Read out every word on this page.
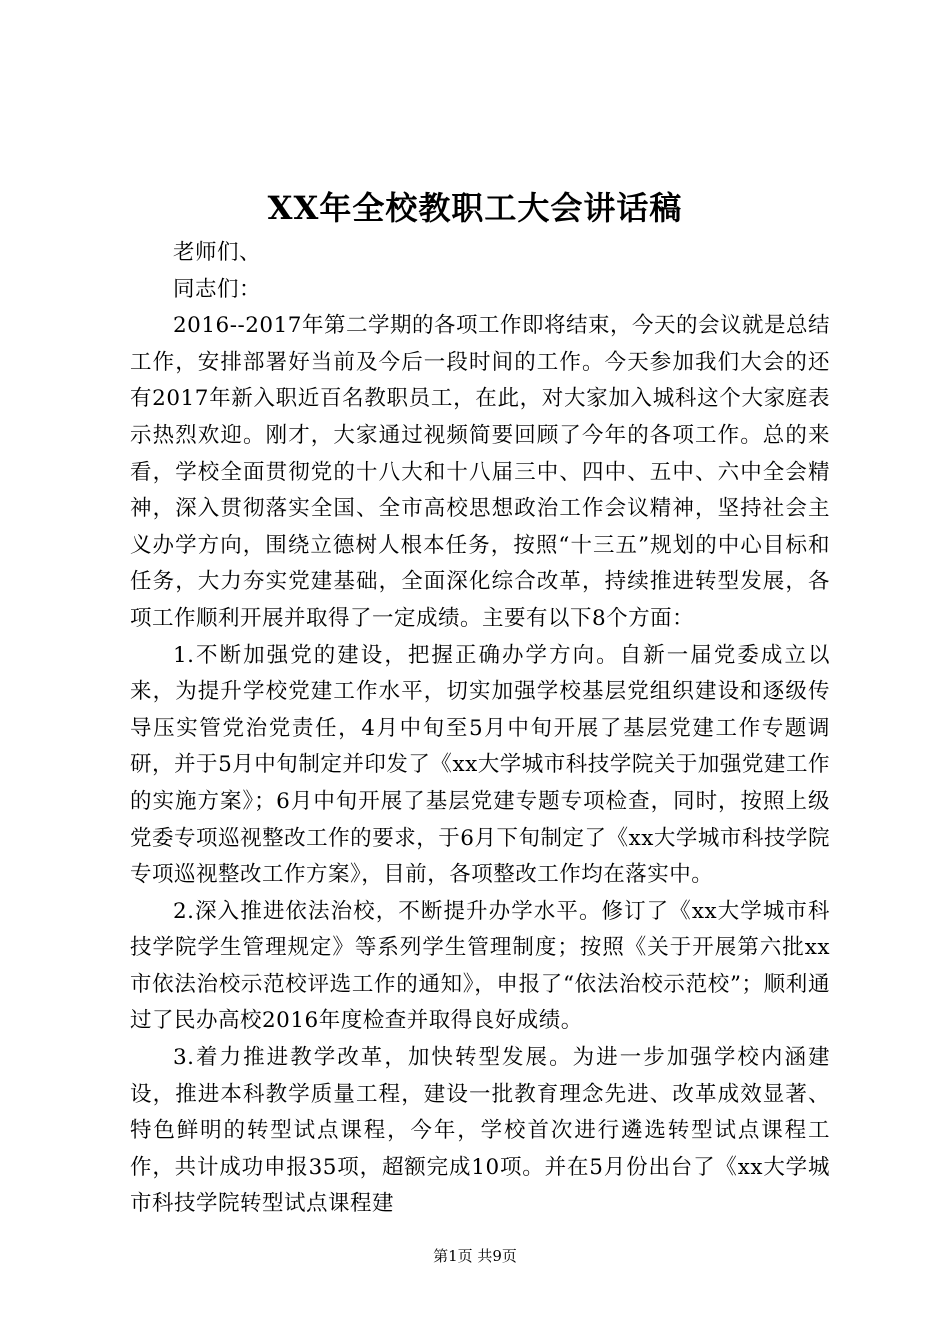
XX年全校教职工大会讲话稿

老师们、

同志们：

2016--2017年第二学期的各项工作即将结束，今天的会议就是总结工作，安排部署好当前及今后一段时间的工作。今天参加我们大会的还有2017年新入职近百名教职员工，在此，对大家加入城科这个大家庭表示热烈欢迎。刚才，大家通过视频简要回顾了今年的各项工作。总的来看，学校全面贯彻党的十八大和十八届三中、四中、五中、六中全会精神，深入贯彻落实全国、全市高校思想政治工作会议精神，坚持社会主义办学方向，围绕立德树人根本任务，按照“十三五”规划的中心目标和任务，大力夯实党建基础，全面深化综合改革，持续推进转型发展，各项工作顺利开展并取得了一定成绩。主要有以下8个方面：

1.不断加强党的建设，把握正确办学方向。自新一届党委成立以来，为提升学校党建工作水平，切实加强学校基层党组织建设和逐级传导压实管党治党责任，4月中旬至5月中旬开展了基层党建工作专题调研，并于5月中旬制定并印发了《xx大学城市科技学院关于加强党建工作的实施方案》；6月中旬开展了基层党建专题专项检查，同时，按照上级党委专项巡视整改工作的要求，于6月下旬制定了《xx大学城市科技学院专项巡视整改工作方案》，目前，各项整改工作均在落实中。

2.深入推进依法治校，不断提升办学水平。修订了《xx大学城市科技学院学生管理规定》等系列学生管理制度；按照《关于开展第六批xx市依法治校示范校评选工作的通知》，申报了“依法治校示范校”；顺利通过了民办高校2016年度检查并取得良好成绩。

3.着力推进教学改革，加快转型发展。为进一步加强学校内涵建设，推进本科教学质量工程，建设一批教育理念先进、改革成效显著、特色鲜明的转型试点课程，今年，学校首次进行遴选转型试点课程工作，共计成功申报35项，超额完成10项。并在5月份出台了《xx大学城市科技学院转型试点课程建

第1页 共9页
